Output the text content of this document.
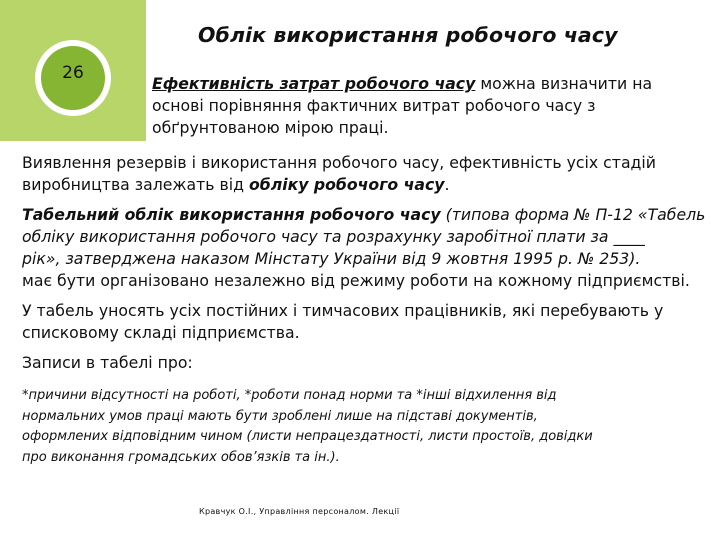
26
Облік використання робочого часу
Ефективність затрат робочого часу можна визначити на
основі порівняння фактичних витрат робочого часу з
обґрунтованою мірою праці.

Виявлення резервів і використання робочого часу, ефективність усіх стадій
виробництва залежать від обліку робочого часу.

Табельний облік використання робочого часу (типова форма № П-12 «Табель
обліку використання робочого часу та розрахунку заробітної плати за ____
рік», затверджена наказом Мінстату України від 9 жовтня 1995 р. № 253).
має бути організовано незалежно від режиму роботи на кожному підприємстві.

У табель уносять усіх постійних і тимчасових працівників, які перебувають у
списковому складі підприємства.

Записи в табелі про:

*причини відсутності на роботі, *роботи понад норми та *інші відхилення від
нормальних умов праці мають бути зроблені лише на підставі документів,
оформлених відповідним чином (листи непрацездатності, листи простоїв, довідки
про виконання громадських обов’язків та ін.).
Кравчук О.І., Управління персоналом. Лекції
